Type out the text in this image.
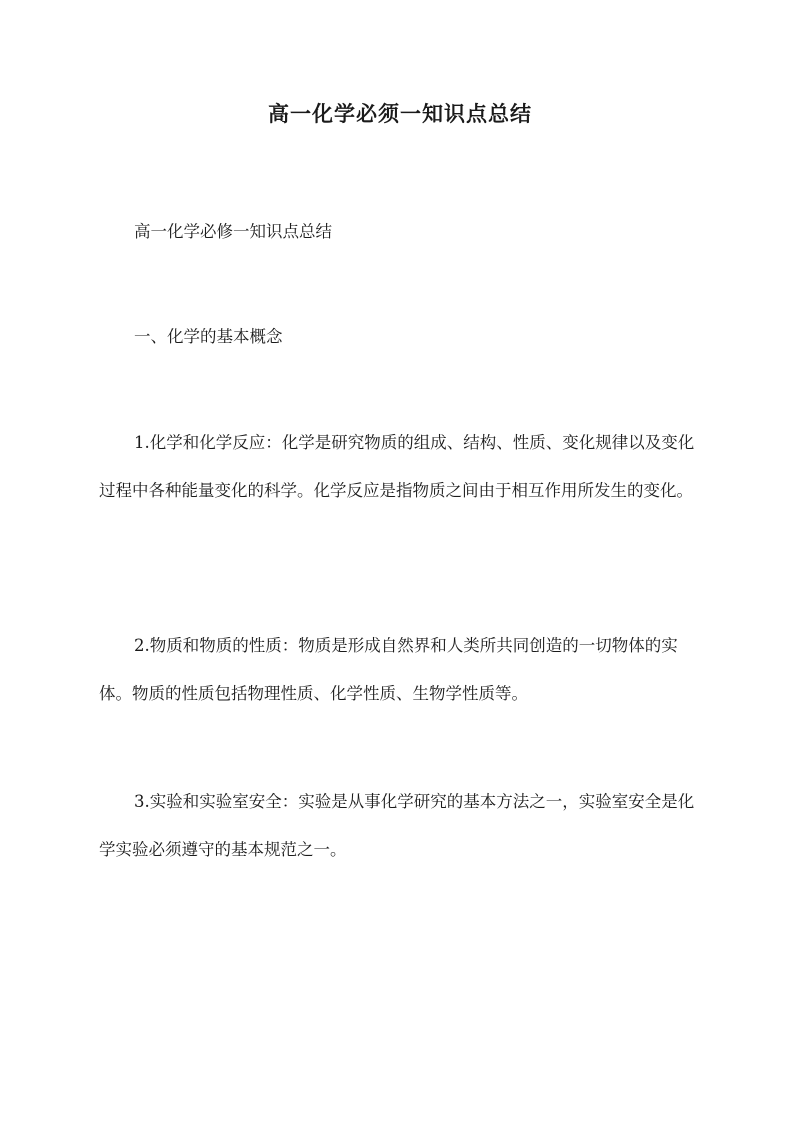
高一化学必须一知识点总结

高一化学必修一知识点总结

一、化学的基本概念

1.化学和化学反应：化学是研究物质的组成、结构、性质、变化规律以及变化过程中各种能量变化的科学。化学反应是指物质之间由于相互作用所发生的变化。

2.物质和物质的性质：物质是形成自然界和人类所共同创造的一切物体的实体。物质的性质包括物理性质、化学性质、生物学性质等。

3.实验和实验室安全：实验是从事化学研究的基本方法之一，实验室安全是化学实验必须遵守的基本规范之一。
